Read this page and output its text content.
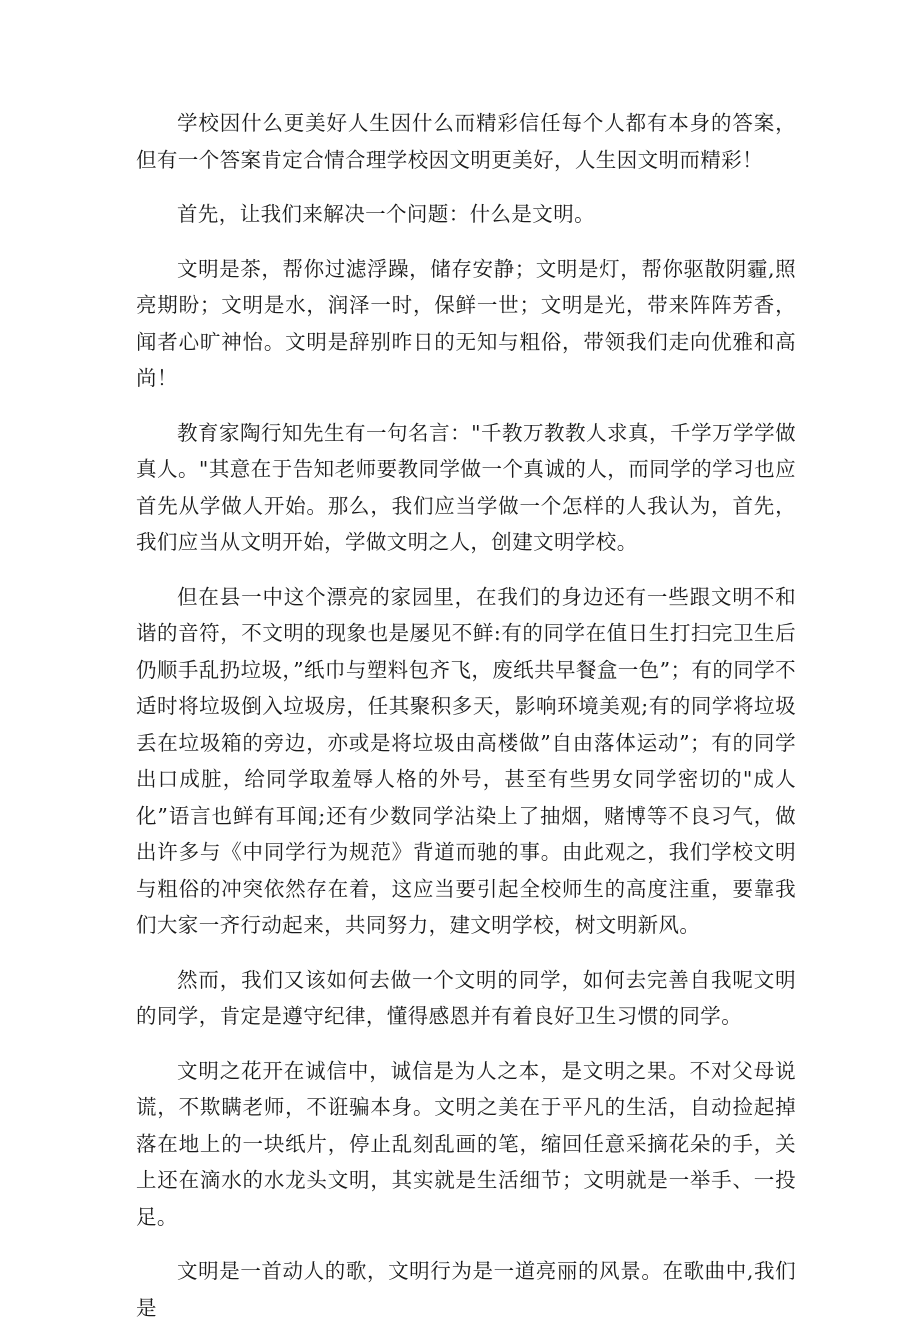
学校因什么更美好人生因什么而精彩信任每个人都有本身的答案，但有一个答案肯定合情合理学校因文明更美好，人生因文明而精彩！

首先，让我们来解决一个问题：什么是文明。

文明是茶，帮你过滤浮躁，储存安静；文明是灯，帮你驱散阴霾,照亮期盼；文明是水，润泽一时，保鲜一世；文明是光，带来阵阵芳香，闻者心旷神怡。文明是辞别昨日的无知与粗俗，带领我们走向优雅和高尚！

教育家陶行知先生有一句名言："千教万教教人求真，千学万学学做真人。"其意在于告知老师要教同学做一个真诚的人，而同学的学习也应首先从学做人开始。那么，我们应当学做一个怎样的人我认为，首先，我们应当从文明开始，学做文明之人，创建文明学校。

但在县一中这个漂亮的家园里，在我们的身边还有一些跟文明不和谐的音符，不文明的现象也是屡见不鲜:有的同学在值日生打扫完卫生后仍顺手乱扔垃圾，”纸巾与塑料包齐飞，废纸共早餐盒一色”；有的同学不适时将垃圾倒入垃圾房，任其聚积多天，影响环境美观;有的同学将垃圾丢在垃圾箱的旁边，亦或是将垃圾由高楼做”自由落体运动”；有的同学出口成脏，给同学取羞辱人格的外号，甚至有些男女同学密切的"成人化”语言也鲜有耳闻;还有少数同学沾染上了抽烟，赌博等不良习气，做出许多与《中同学行为规范》背道而驰的事。由此观之，我们学校文明与粗俗的冲突依然存在着，这应当要引起全校师生的高度注重，要靠我们大家一齐行动起来，共同努力，建文明学校，树文明新风。

然而，我们又该如何去做一个文明的同学，如何去完善自我呢文明的同学，肯定是遵守纪律，懂得感恩并有着良好卫生习惯的同学。

文明之花开在诚信中，诚信是为人之本，是文明之果。不对父母说谎，不欺瞒老师，不诳骗本身。文明之美在于平凡的生活，自动捡起掉落在地上的一块纸片，停止乱刻乱画的笔，缩回任意采摘花朵的手，关上还在滴水的水龙头文明，其实就是生活细节；文明就是一举手、一投足。

文明是一首动人的歌，文明行为是一道亮丽的风景。在歌曲中,我们是
